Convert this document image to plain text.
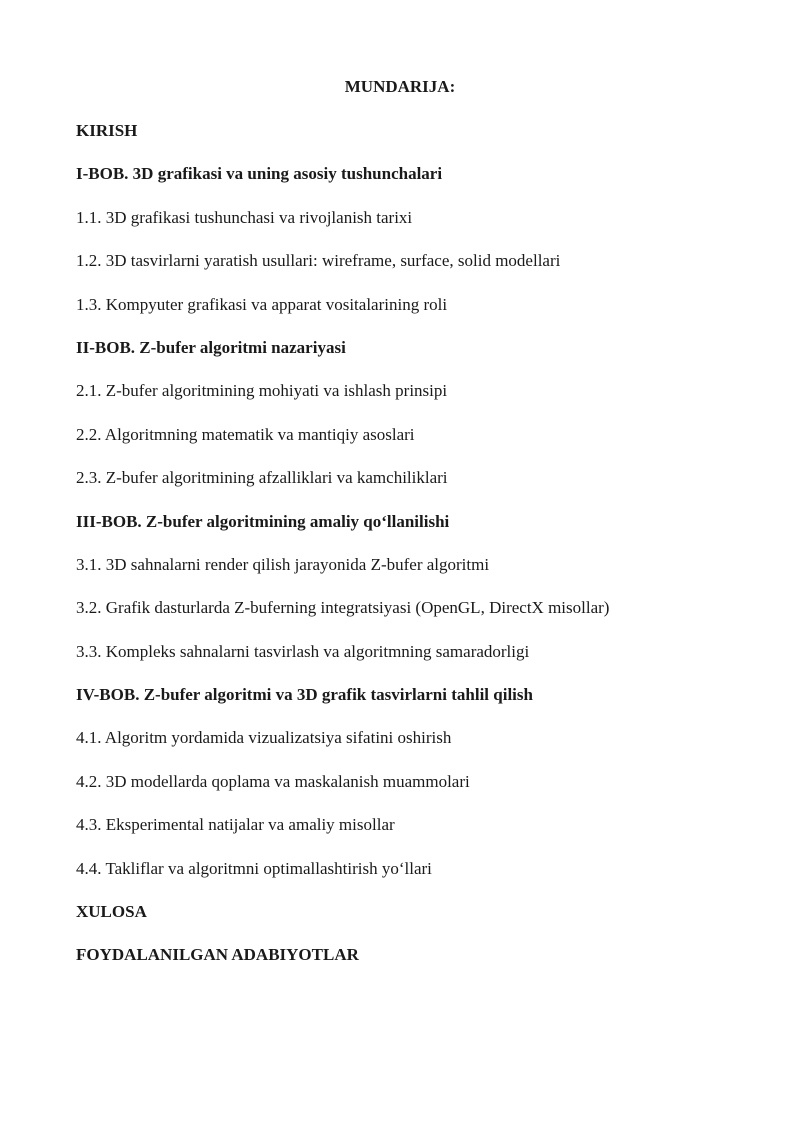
MUNDARIJA:
KIRISH
I-BOB. 3D grafikasi va uning asosiy tushunchalari
1.1. 3D grafikasi tushunchasi va rivojlanish tarixi
1.2. 3D tasvirlarni yaratish usullari: wireframe, surface, solid modellari
1.3. Kompyuter grafikasi va apparat vositalarining roli
II-BOB. Z-bufer algoritmi nazariyasi
2.1. Z-bufer algoritmining mohiyati va ishlash prinsipi
2.2. Algoritmning matematik va mantiqiy asoslari
2.3. Z-bufer algoritmining afzalliklari va kamchiliklari
III-BOB. Z-bufer algoritmining amaliy qo‘llanilishi
3.1. 3D sahnalarni render qilish jarayonida Z-bufer algoritmi
3.2. Grafik dasturlarda Z-buferning integratsiyasi (OpenGL, DirectX misollar)
3.3. Kompleks sahnalarni tasvirlash va algoritmning samaradorligi
IV-BOB. Z-bufer algoritmi va 3D grafik tasvirlarni tahlil qilish
4.1. Algoritm yordamida vizualizatsiya sifatini oshirish
4.2. 3D modellarda qoplama va maskalanish muammolari
4.3. Eksperimental natijalar va amaliy misollar
4.4. Takliflar va algoritmni optimallashtirish yo‘llari
XULOSA
FOYDALANILGAN ADABIYOTLAR
